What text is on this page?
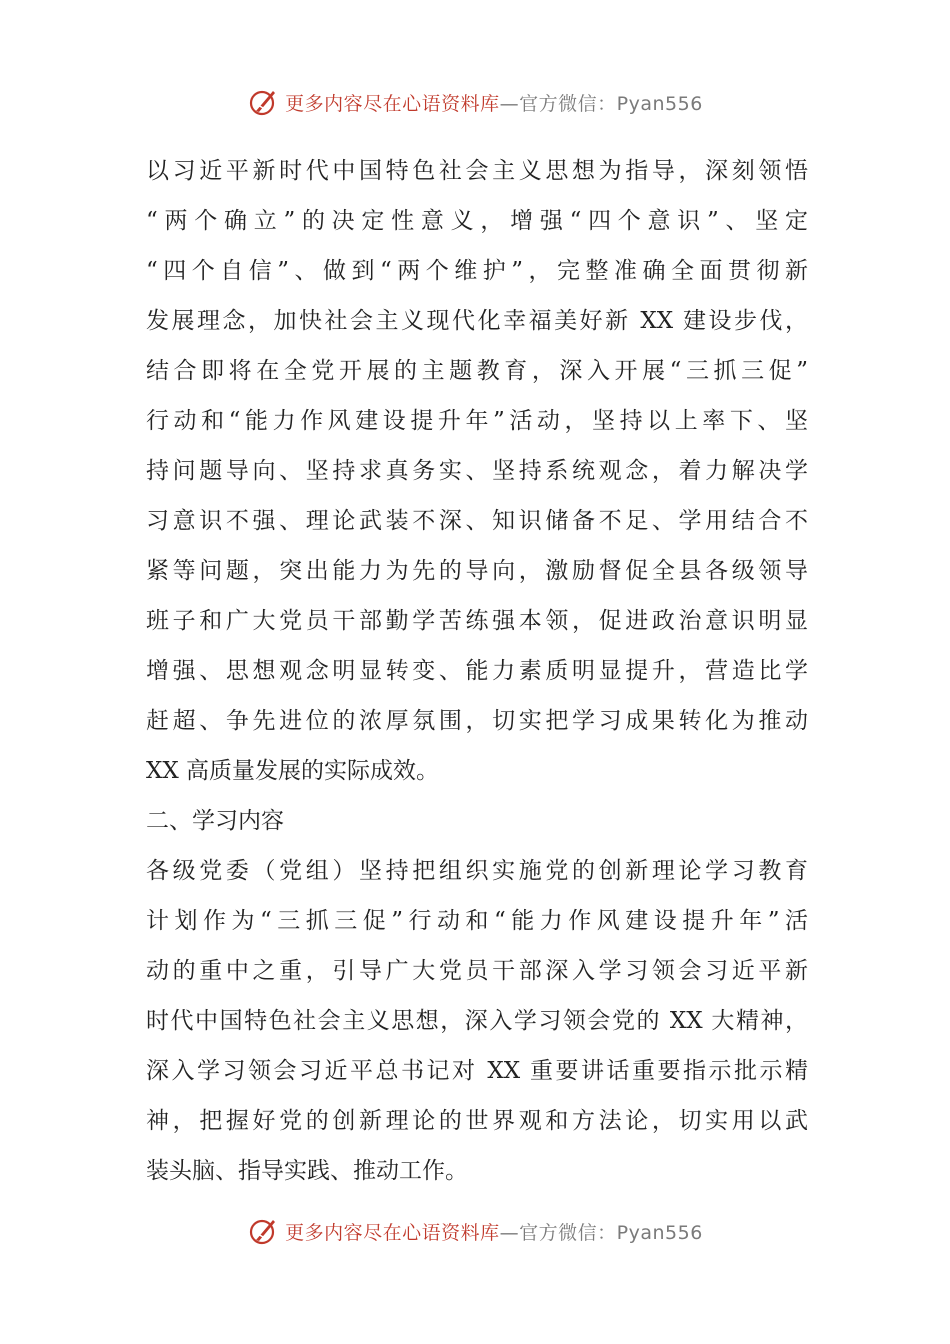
更多内容尽在心语资料库—官方微信：Pyan556
以习近平新时代中国特色社会主义思想为指导，深刻领悟
“两个确立”的决定性意义，增强“四个意识”、坚定
“四个自信”、做到“两个维护”，完整准确全面贯彻新
发展理念，加快社会主义现代化幸福美好新 XX 建设步伐，
结合即将在全党开展的主题教育，深入开展“三抓三促”
行动和“能力作风建设提升年”活动，坚持以上率下、坚
持问题导向、坚持求真务实、坚持系统观念，着力解决学
习意识不强、理论武装不深、知识储备不足、学用结合不
紧等问题，突出能力为先的导向，激励督促全县各级领导
班子和广大党员干部勤学苦练强本领，促进政治意识明显
增强、思想观念明显转变、能力素质明显提升，营造比学
赶超、争先进位的浓厚氛围，切实把学习成果转化为推动
XX 高质量发展的实际成效。
二、学习内容
各级党委（党组）坚持把组织实施党的创新理论学习教育
计划作为“三抓三促”行动和“能力作风建设提升年”活
动的重中之重，引导广大党员干部深入学习领会习近平新
时代中国特色社会主义思想，深入学习领会党的 XX 大精神，
深入学习领会习近平总书记对 XX 重要讲话重要指示批示精
神，把握好党的创新理论的世界观和方法论，切实用以武
装头脑、指导实践、推动工作。
更多内容尽在心语资料库—官方微信：Pyan556
